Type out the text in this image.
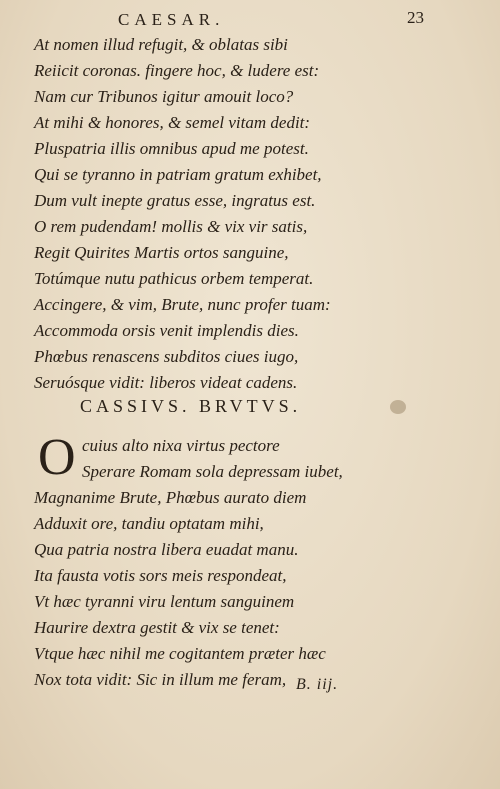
CAESAR.	23
At nomen illud refugit, & oblatas sibi
Reiicit coronas. fingere hoc, & ludere est:
Nam cur Tribunos igitur amouit loco?
At mihi & honores, & semel vitam dedit:
Pluspatria illis omnibus apud me potest.
Qui se tyranno in patriam gratum exhibet,
Dum vult inepte gratus esse, ingratus est.
O rem pudendam! mollis & vix vir satis,
Regit Quirites Martis ortos sanguine,
Totúmque nutu pathicus orbem temperat.
Accingere, & vim, Brute, nunc profer tuam:
Accommoda orsis venit implendis dies.
Phœbus renascens subditos ciues iugo,
Seruósque vidit: liberos videat cadens.
CASSIVS. BRVTVS.
O cuius alto nixa virtus pectore
Sperare Romam sola depressam iubet,
Magnanime Brute, Phœbus aurato diem
Adduxit ore, tandiu optatam mihi,
Qua patria nostra libera euadat manu.
Ita fausta votis sors meis respondeat,
Vt hæc tyranni viru lentum sanguinem
Haurire dextra gestit & vix se tenet:
Vtque hæc nihil me cogitantem præter hæc
Nox tota vidit: Sic in illum me feram, B. iij.
